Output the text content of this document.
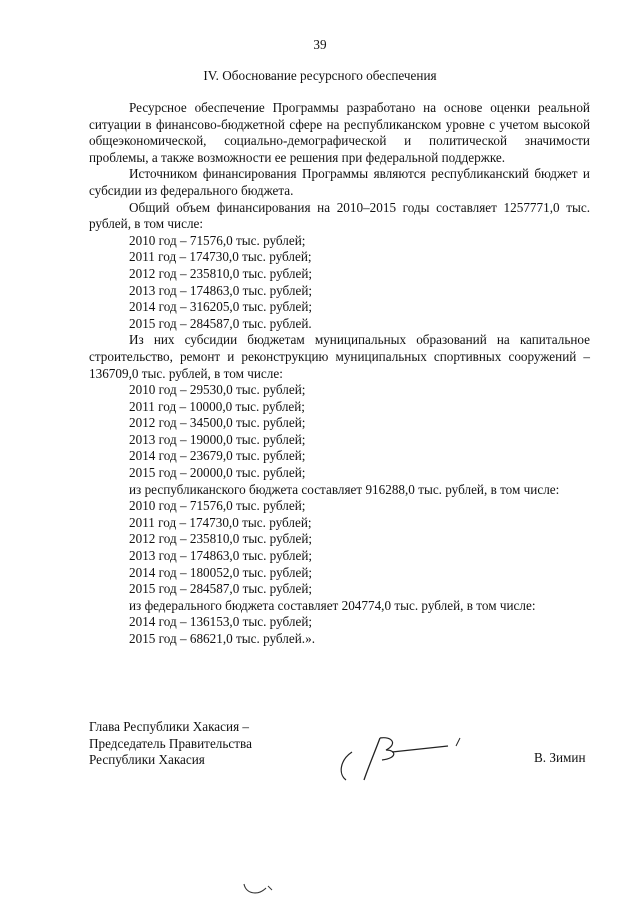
39
IV. Обоснование ресурсного обеспечения

Ресурсное обеспечение Программы разработано на основе оценки реальной ситуации в финансово-бюджетной сфере на республиканском уровне с учетом высокой общеэкономической, социально-демографической и политической значимости проблемы, а также возможности ее решения при федеральной поддержке.

Источником финансирования Программы являются республиканский бюджет и субсидии из федерального бюджета.

Общий объем финансирования на 2010–2015 годы составляет 1257771,0 тыс. рублей, в том числе:

2010 год – 71576,0 тыс. рублей;
2011 год – 174730,0 тыс. рублей;
2012 год – 235810,0 тыс. рублей;
2013 год – 174863,0 тыс. рублей;
2014 год – 316205,0 тыс. рублей;
2015 год – 284587,0 тыс. рублей.

Из них субсидии бюджетам муниципальных образований на капитальное строительство, ремонт и реконструкцию муниципальных спортивных сооружений – 136709,0 тыс. рублей, в том числе:

2010 год – 29530,0 тыс. рублей;
2011 год – 10000,0 тыс. рублей;
2012 год – 34500,0 тыс. рублей;
2013 год – 19000,0 тыс. рублей;
2014 год – 23679,0 тыс. рублей;
2015 год – 20000,0 тыс. рублей;
из республиканского бюджета составляет 916288,0 тыс. рублей, в том числе:
2010 год – 71576,0 тыс. рублей;
2011 год – 174730,0 тыс. рублей;
2012 год – 235810,0 тыс. рублей;
2013 год – 174863,0 тыс. рублей;
2014 год – 180052,0 тыс. рублей;
2015 год – 284587,0 тыс. рублей;
из федерального бюджета составляет 204774,0 тыс. рублей, в том числе:
2014 год – 136153,0 тыс. рублей;
2015 год – 68621,0 тыс. рублей.».
Глава Республики Хакасия –
Председатель Правительства
Республики Хакасия	В. Зимин
